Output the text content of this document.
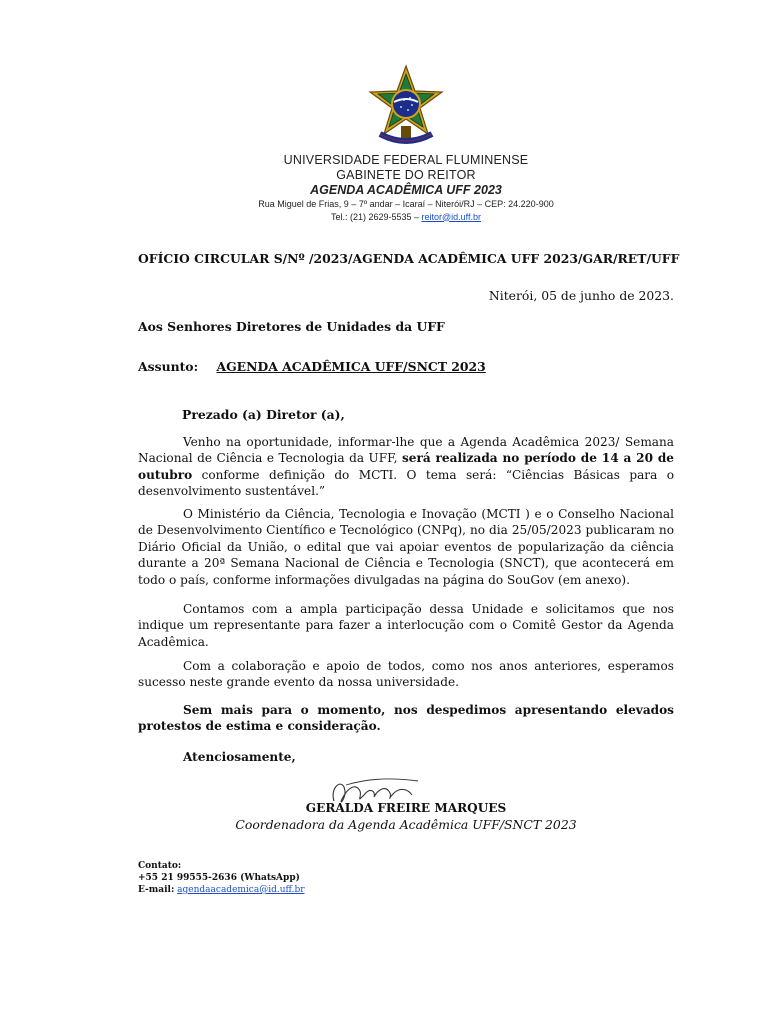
UNIVERSIDADE FEDERAL FLUMINENSE
GABINETE DO REITOR
AGENDA ACADÊMICA UFF 2023
Rua Miguel de Frias, 9 – 7º andar – Icaraí – Niterói/RJ – CEP: 24.220-900
Tel.: (21) 2629-5535 – reitor@id.uff.br
OFÍCIO CIRCULAR S/Nº /2023/AGENDA ACADÊMICA UFF 2023/GAR/RET/UFF
Niterói, 05 de junho de 2023.
Aos Senhores Diretores de Unidades da UFF
Assunto: AGENDA ACADÊMICA UFF/SNCT 2023
Prezado (a) Diretor (a),
Venho na oportunidade, informar-lhe que a Agenda Acadêmica 2023/ Semana Nacional de Ciência e Tecnologia da UFF, será realizada no período de 14 a 20 de outubro conforme definição do MCTI. O tema será: “Ciências Básicas para o desenvolvimento sustentável.”
O Ministério da Ciência, Tecnologia e Inovação (MCTI ) e o Conselho Nacional de Desenvolvimento Científico e Tecnológico (CNPq), no dia 25/05/2023 publicaram no Diário Oficial da União, o edital que vai apoiar eventos de popularização da ciência durante a 20ª Semana Nacional de Ciência e Tecnologia (SNCT), que acontecerá em todo o país, conforme informações divulgadas na página do SouGov (em anexo).
Contamos com a ampla participação dessa Unidade e solicitamos que nos indique um representante para fazer a interlocução com o Comitê Gestor da Agenda Acadêmica.
Com a colaboração e apoio de todos, como nos anos anteriores, esperamos sucesso neste grande evento da nossa universidade.
Sem mais para o momento, nos despedimos apresentando elevados protestos de estima e consideração.
Atenciosamente,
GERALDA FREIRE MARQUES
Coordenadora da Agenda Acadêmica UFF/SNCT 2023
Contato:
+55 21 99555-2636 (WhatsApp)
E-mail: agendaacademica@id.uff.br
